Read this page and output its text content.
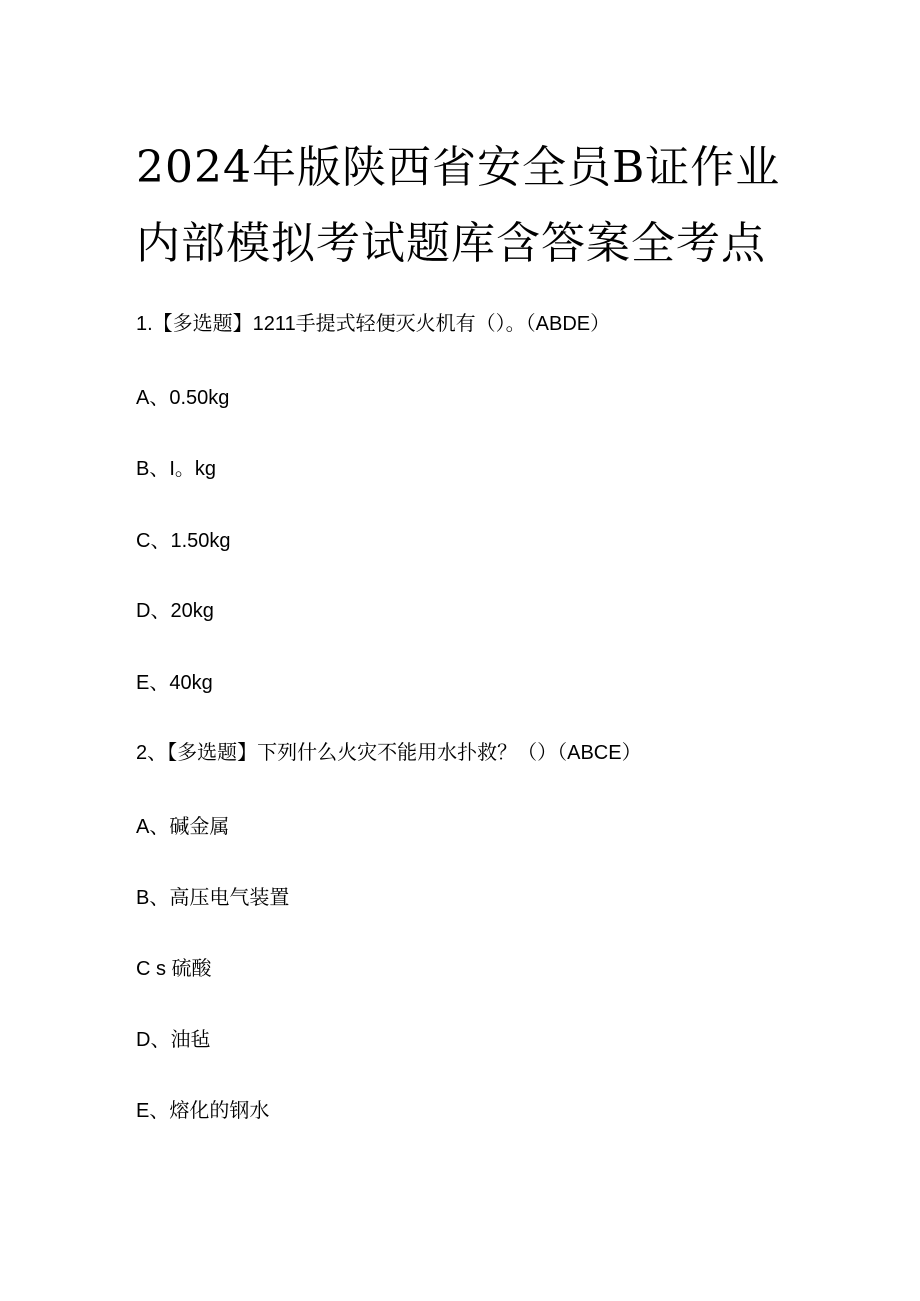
2024年版陕西省安全员B证作业
内部模拟考试题库含答案全考点

1.【多选题】1211手提式轻便灭火机有（）。（ABDE）

A、0.50kg

B、I。kg

C、1.50kg

D、20kg

E、40kg

2、【多选题】下列什么火灾不能用水扑救？（）（ABCE）

A、碱金属

B、高压电气装置

C s 硫酸

D、油毡

E、熔化的钢水
